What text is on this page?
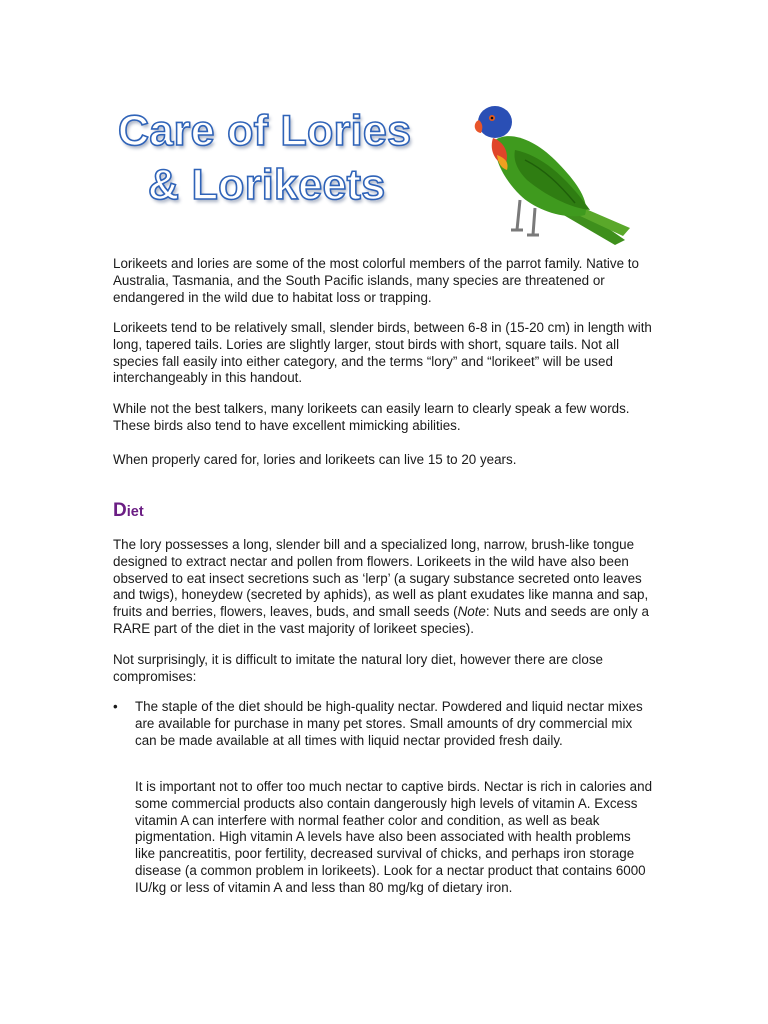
Care of Lories
& Lorikeets
Lorikeets and lories are some of the most colorful members of the parrot family. Native to Australia, Tasmania, and the South Pacific islands, many species are threatened or endangered in the wild due to habitat loss or trapping.
Lorikeets tend to be relatively small, slender birds, between 6-8 in (15-20 cm) in length with long, tapered tails. Lories are slightly larger, stout birds with short, square tails. Not all species fall easily into either category, and the terms “lory” and “lorikeet” will be used interchangeably in this handout.
While not the best talkers, many lorikeets can easily learn to clearly speak a few words. These birds also tend to have excellent mimicking abilities.
When properly cared for, lories and lorikeets can live 15 to 20 years.
Diet
The lory possesses a long, slender bill and a specialized long, narrow, brush-like tongue designed to extract nectar and pollen from flowers. Lorikeets in the wild have also been observed to eat insect secretions such as ‘lerp’ (a sugary substance secreted onto leaves and twigs), honeydew (secreted by aphids), as well as plant exudates like manna and sap, fruits and berries, flowers, leaves, buds, and small seeds (Note: Nuts and seeds are only a RARE part of the diet in the vast majority of lorikeet species).
Not surprisingly, it is difficult to imitate the natural lory diet, however there are close compromises:
•	The staple of the diet should be high-quality nectar. Powdered and liquid nectar mixes are available for purchase in many pet stores. Small amounts of dry commercial mix can be made available at all times with liquid nectar provided fresh daily.
It is important not to offer too much nectar to captive birds. Nectar is rich in calories and some commercial products also contain dangerously high levels of vitamin A. Excess vitamin A can interfere with normal feather color and condition, as well as beak pigmentation. High vitamin A levels have also been associated with health problems like pancreatitis, poor fertility, decreased survival of chicks, and perhaps iron storage disease (a common problem in lorikeets). Look for a nectar product that contains 6000 IU/kg or less of vitamin A and less than 80 mg/kg of dietary iron.
